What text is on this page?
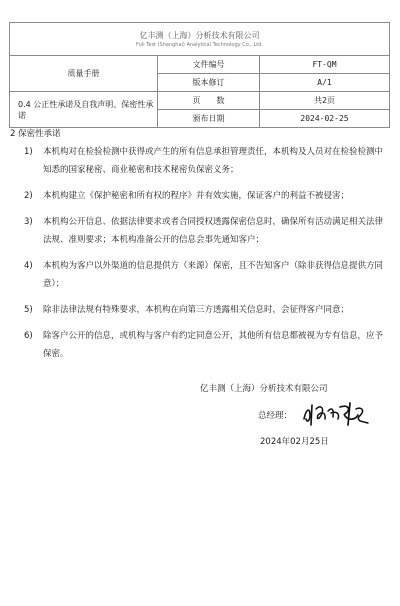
亿丰测（上海）分析技术有限公司
Fuli Test (Shanghai) Analytical Technology Co., Ltd.		

质量手册	文件编号	FT-QM
	版本修订	A/1
0.4 公正性承诺及自我声明、保密性承诺	页　　数	共2页
	颁布日期	2024-02-25
2 保密性承诺
1)	本机构对在检验检测中获得或产生的所有信息承担管理责任，本机构及人员对在检验检测中知悉的国家秘密、商业秘密和技术秘密负保密义务；
2)	本机构建立《保护秘密和所有权的程序》并有效实施，保证客户的利益不被侵害；
3)	本机构公开信息、依据法律要求或者合同授权透露保密信息时，确保所有活动满足相关法律法规、准则要求；本机构准备公开的信息会事先通知客户；
4)	本机构为客户以外渠道的信息提供方（来源）保密，且不告知客户（除非获得信息提供方同意）；
5)	除非法律法规有特殊要求，本机构在向第三方透露相关信息时，会征得客户同意；
6)	除客户公开的信息，或机构与客户有约定同意公开，其他所有信息都被视为专有信息，应予保密。
亿丰测（上海）分析技术有限公司
总经理：
2024年02月25日
